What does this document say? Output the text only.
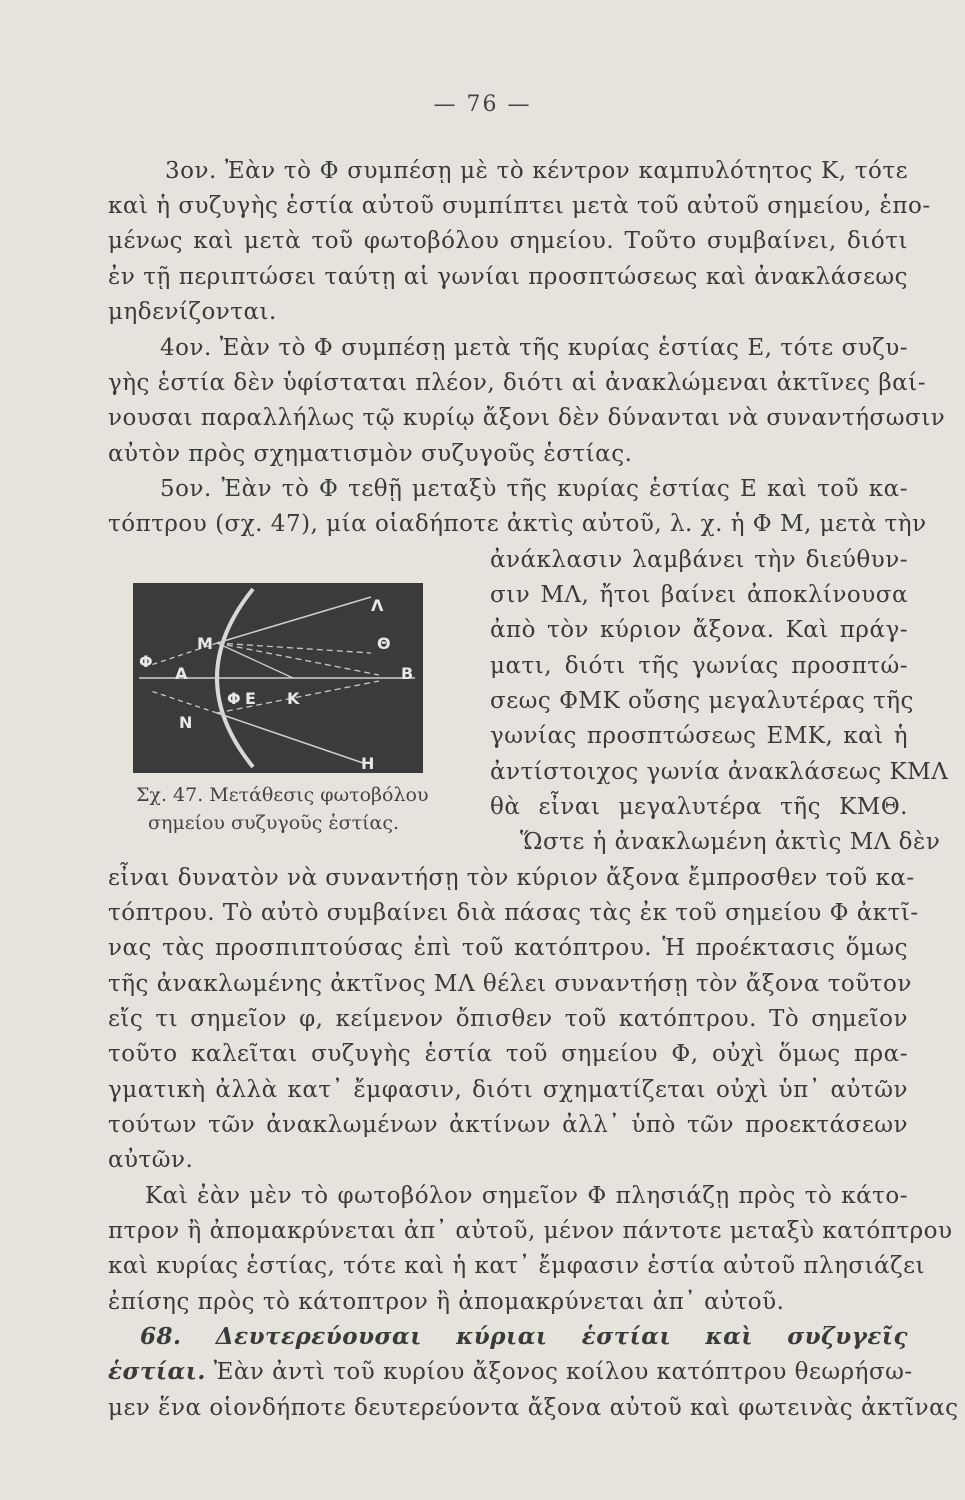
— 76 —

3ον. Ἐὰν τὸ Φ συμπέσῃ μὲ τὸ κέντρον καμπυλότητος Κ, τότε

καὶ ἡ συζυγὴς ἑστία αὐτοῦ συμπίπτει μετὰ τοῦ αὐτοῦ σημείου, ἑπο-

μένως καὶ μετὰ τοῦ φωτοβόλου σημείου. Τοῦτο συμβαίνει, διότι

ἐν τῇ περιπτώσει ταύτῃ αἱ γωνίαι προσπτώσεως καὶ ἀνακλάσεως

μηδενίζονται.

4ον. Ἐὰν τὸ Φ συμπέσῃ μετὰ τῆς κυρίας ἑστίας Ε, τότε συζυ-

γὴς ἑστία δὲν ὑφίσταται πλέον, διότι αἱ ἀνακλώμεναι ἀκτῖνες βαί-

νουσαι παραλλήλως τῷ κυρίῳ ἄξονι δὲν δύνανται νὰ συναντήσωσιν

αὐτὸν πρὸς σχηματισμὸν συζυγοῦς ἑστίας.

5ον. Ἐὰν τὸ Φ τεθῇ μεταξὺ τῆς κυρίας ἑστίας Ε καὶ τοῦ κα-

τόπτρου (σχ. 47), μία οἱαδήποτε ἀκτὶς αὐτοῦ, λ. χ. ἡ Φ Μ, μετὰ τὴν

ἀνάκλασιν λαμβάνει τὴν διεύθυν-

σιν ΜΛ, ἤτοι βαίνει ἀποκλίνουσα

ἀπὸ τὸν κύριον ἄξονα. Καὶ πράγ-

ματι, διότι τῆς γωνίας προσπτώ-

σεως ΦΜΚ οὔσης μεγαλυτέρας τῆς

γωνίας προσπτώσεως ΕΜΚ, καὶ ἡ

ἀντίστοιχος γωνία ἀνακλάσεως ΚΜΛ

θὰ εἶναι μεγαλυτέρα τῆς ΚΜΘ.

Ὥστε ἡ ἀνακλωμένη ἀκτὶς ΜΛ δὲν

Λ
Μ	Θ
Φ
Α	Β
Φ Ε Κ
Ν
Η
Σχ. 47. Μετάθεσις φωτοβόλου
σημείου συζυγοῦς ἑστίας.

εἶναι δυνατὸν νὰ συναντήσῃ τὸν κύριον ἄξονα ἔμπροσθεν τοῦ κα-

τόπτρου. Τὸ αὐτὸ συμβαίνει διὰ πάσας τὰς ἐκ τοῦ σημείου Φ ἀκτῖ-

νας τὰς προσπιπτούσας ἐπὶ τοῦ κατόπτρου. Ἡ προέκτασις ὅμως

τῆς ἀνακλωμένης ἀκτῖνος ΜΛ θέλει συναντήσῃ τὸν ἄξονα τοῦτον

εἴς τι σημεῖον φ, κείμενον ὄπισθεν τοῦ κατόπτρου. Τὸ σημεῖον

τοῦτο καλεῖται συζυγὴς ἑστία τοῦ σημείου Φ, οὐχὶ ὅμως πρα-

γματικὴ ἀλλὰ κατ᾽ ἔμφασιν, διότι σχηματίζεται οὐχὶ ὑπ᾽ αὐτῶν

τούτων τῶν ἀνακλωμένων ἀκτίνων ἀλλ᾽ ὑπὸ τῶν προεκτάσεων

αὐτῶν.

Καὶ ἐὰν μὲν τὸ φωτοβόλον σημεῖον Φ πλησιάζῃ πρὸς τὸ κάτο-

πτρον ἢ ἀπομακρύνεται ἀπ᾽ αὐτοῦ, μένον πάντοτε μεταξὺ κατόπτρου

καὶ κυρίας ἑστίας, τότε καὶ ἡ κατ᾽ ἔμφασιν ἑστία αὐτοῦ πλησιάζει

ἐπίσης πρὸς τὸ κάτοπτρον ἢ ἀπομακρύνεται ἀπ᾽ αὐτοῦ.

68. Δευτερεύουσαι κύριαι ἑστίαι καὶ συζυγεῖς

ἑστίαι. Ἐὰν ἀντὶ τοῦ κυρίου ἄξονος κοίλου κατόπτρου θεωρήσω-

μεν ἕνα οἱονδήποτε δευτερεύοντα ἄξονα αὐτοῦ καὶ φωτεινὰς ἀκτῖνας
